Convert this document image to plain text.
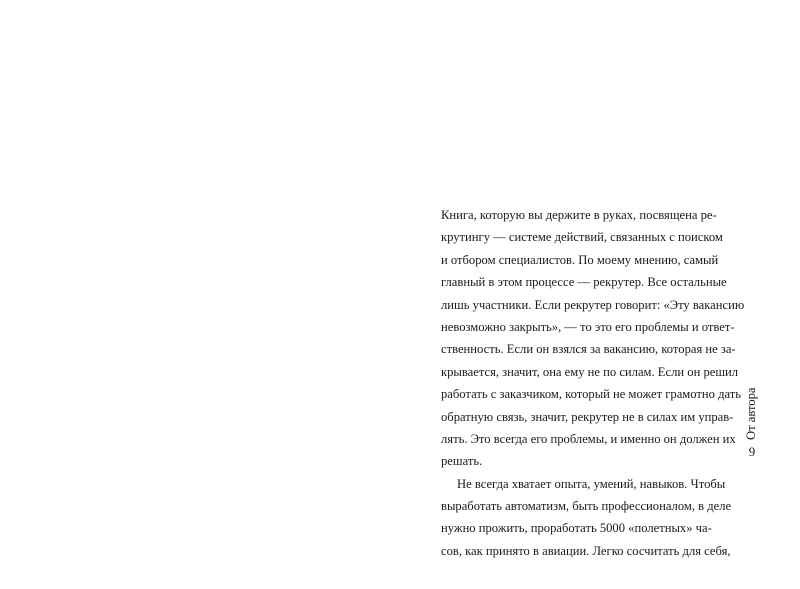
Книга, которую вы держите в руках, посвящена ре-
крутингу — системе действий, связанных с поиском
и отбором специалистов. По моему мнению, самый
главный в этом процессе — рекрутер. Все остальные
лишь участники. Если рекрутер говорит: «Эту вакансию
невозможно закрыть», — то это его проблемы и ответ-
ственность. Если он взялся за вакансию, которая не за-
крывается, значит, она ему не по силам. Если он решил
работать с заказчиком, который не может грамотно дать
обратную связь, значит, рекрутер не в силах им управ-
лять. Это всегда его проблемы, и именно он должен их
решать.
Не всегда хватает опыта, умений, навыков. Чтобы
выработать автоматизм, быть профессионалом, в деле
нужно прожить, проработать 5000 «полетных» ча-
сов, как принято в авиации. Легко сосчитать для себя,
От автора
9
